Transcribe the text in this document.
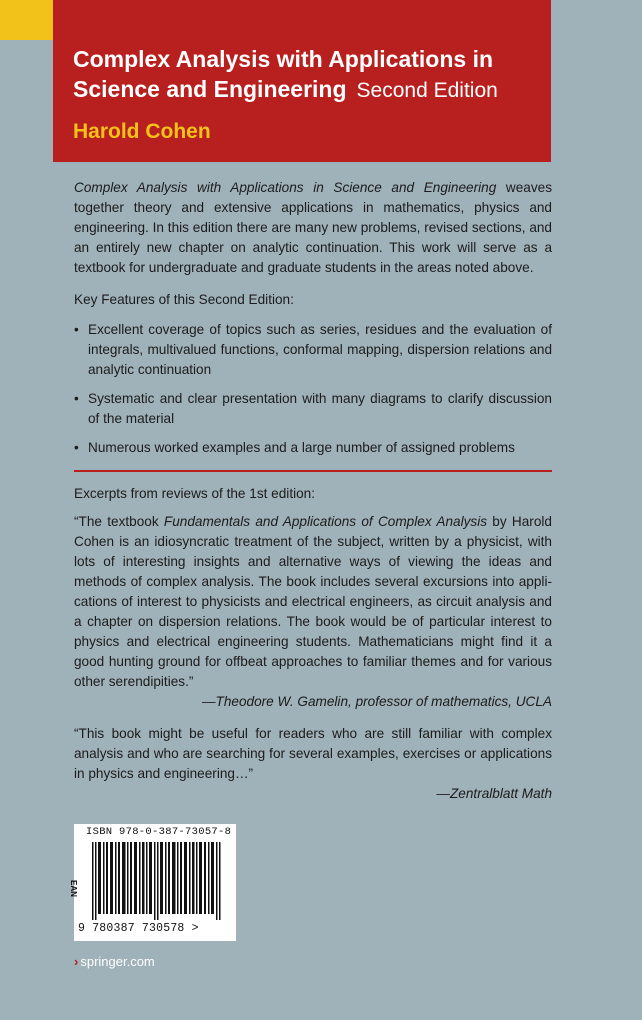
Complex Analysis with Applications in Science and Engineering Second Edition
Harold Cohen

Complex Analysis with Applications in Science and Engineering weaves together theory and extensive applications in mathematics, physics and engineering. In this edition there are many new problems, revised sections, and an entirely new chapter on analytic continuation. This work will serve as a textbook for undergraduate and graduate students in the areas noted above.

Key Features of this Second Edition:

• Excellent coverage of topics such as series, residues and the evaluation of integrals, multivalued functions, conformal mapping, dispersion relations and analytic continuation
• Systematic and clear presentation with many diagrams to clarify discussion of the material
• Numerous worked examples and a large number of assigned problems

Excerpts from reviews of the 1st edition:

“The textbook Fundamentals and Applications of Complex Analysis by Harold Cohen is an idiosyncratic treatment of the subject, written by a physicist, with lots of interesting insights and alternative ways of viewing the ideas and methods of complex analysis. The book includes several excursions into applications of interest to physicists and electrical engineers, as circuit analysis and a chapter on dispersion relations. The book would be of particular interest to physics and electrical engineering students. Mathematicians might find it a good hunting ground for offbeat approaches to familiar themes and for various other serendipities.”

—Theodore W. Gamelin, professor of mathematics, UCLA

“This book might be useful for readers who are still familiar with complex analysis and who are searching for several examples, exercises or applications in physics and engineering…”

—Zentralblatt Math

ISBN 978-0-387-73057-8
EAN
9 780387 730578 >
› springer.com
